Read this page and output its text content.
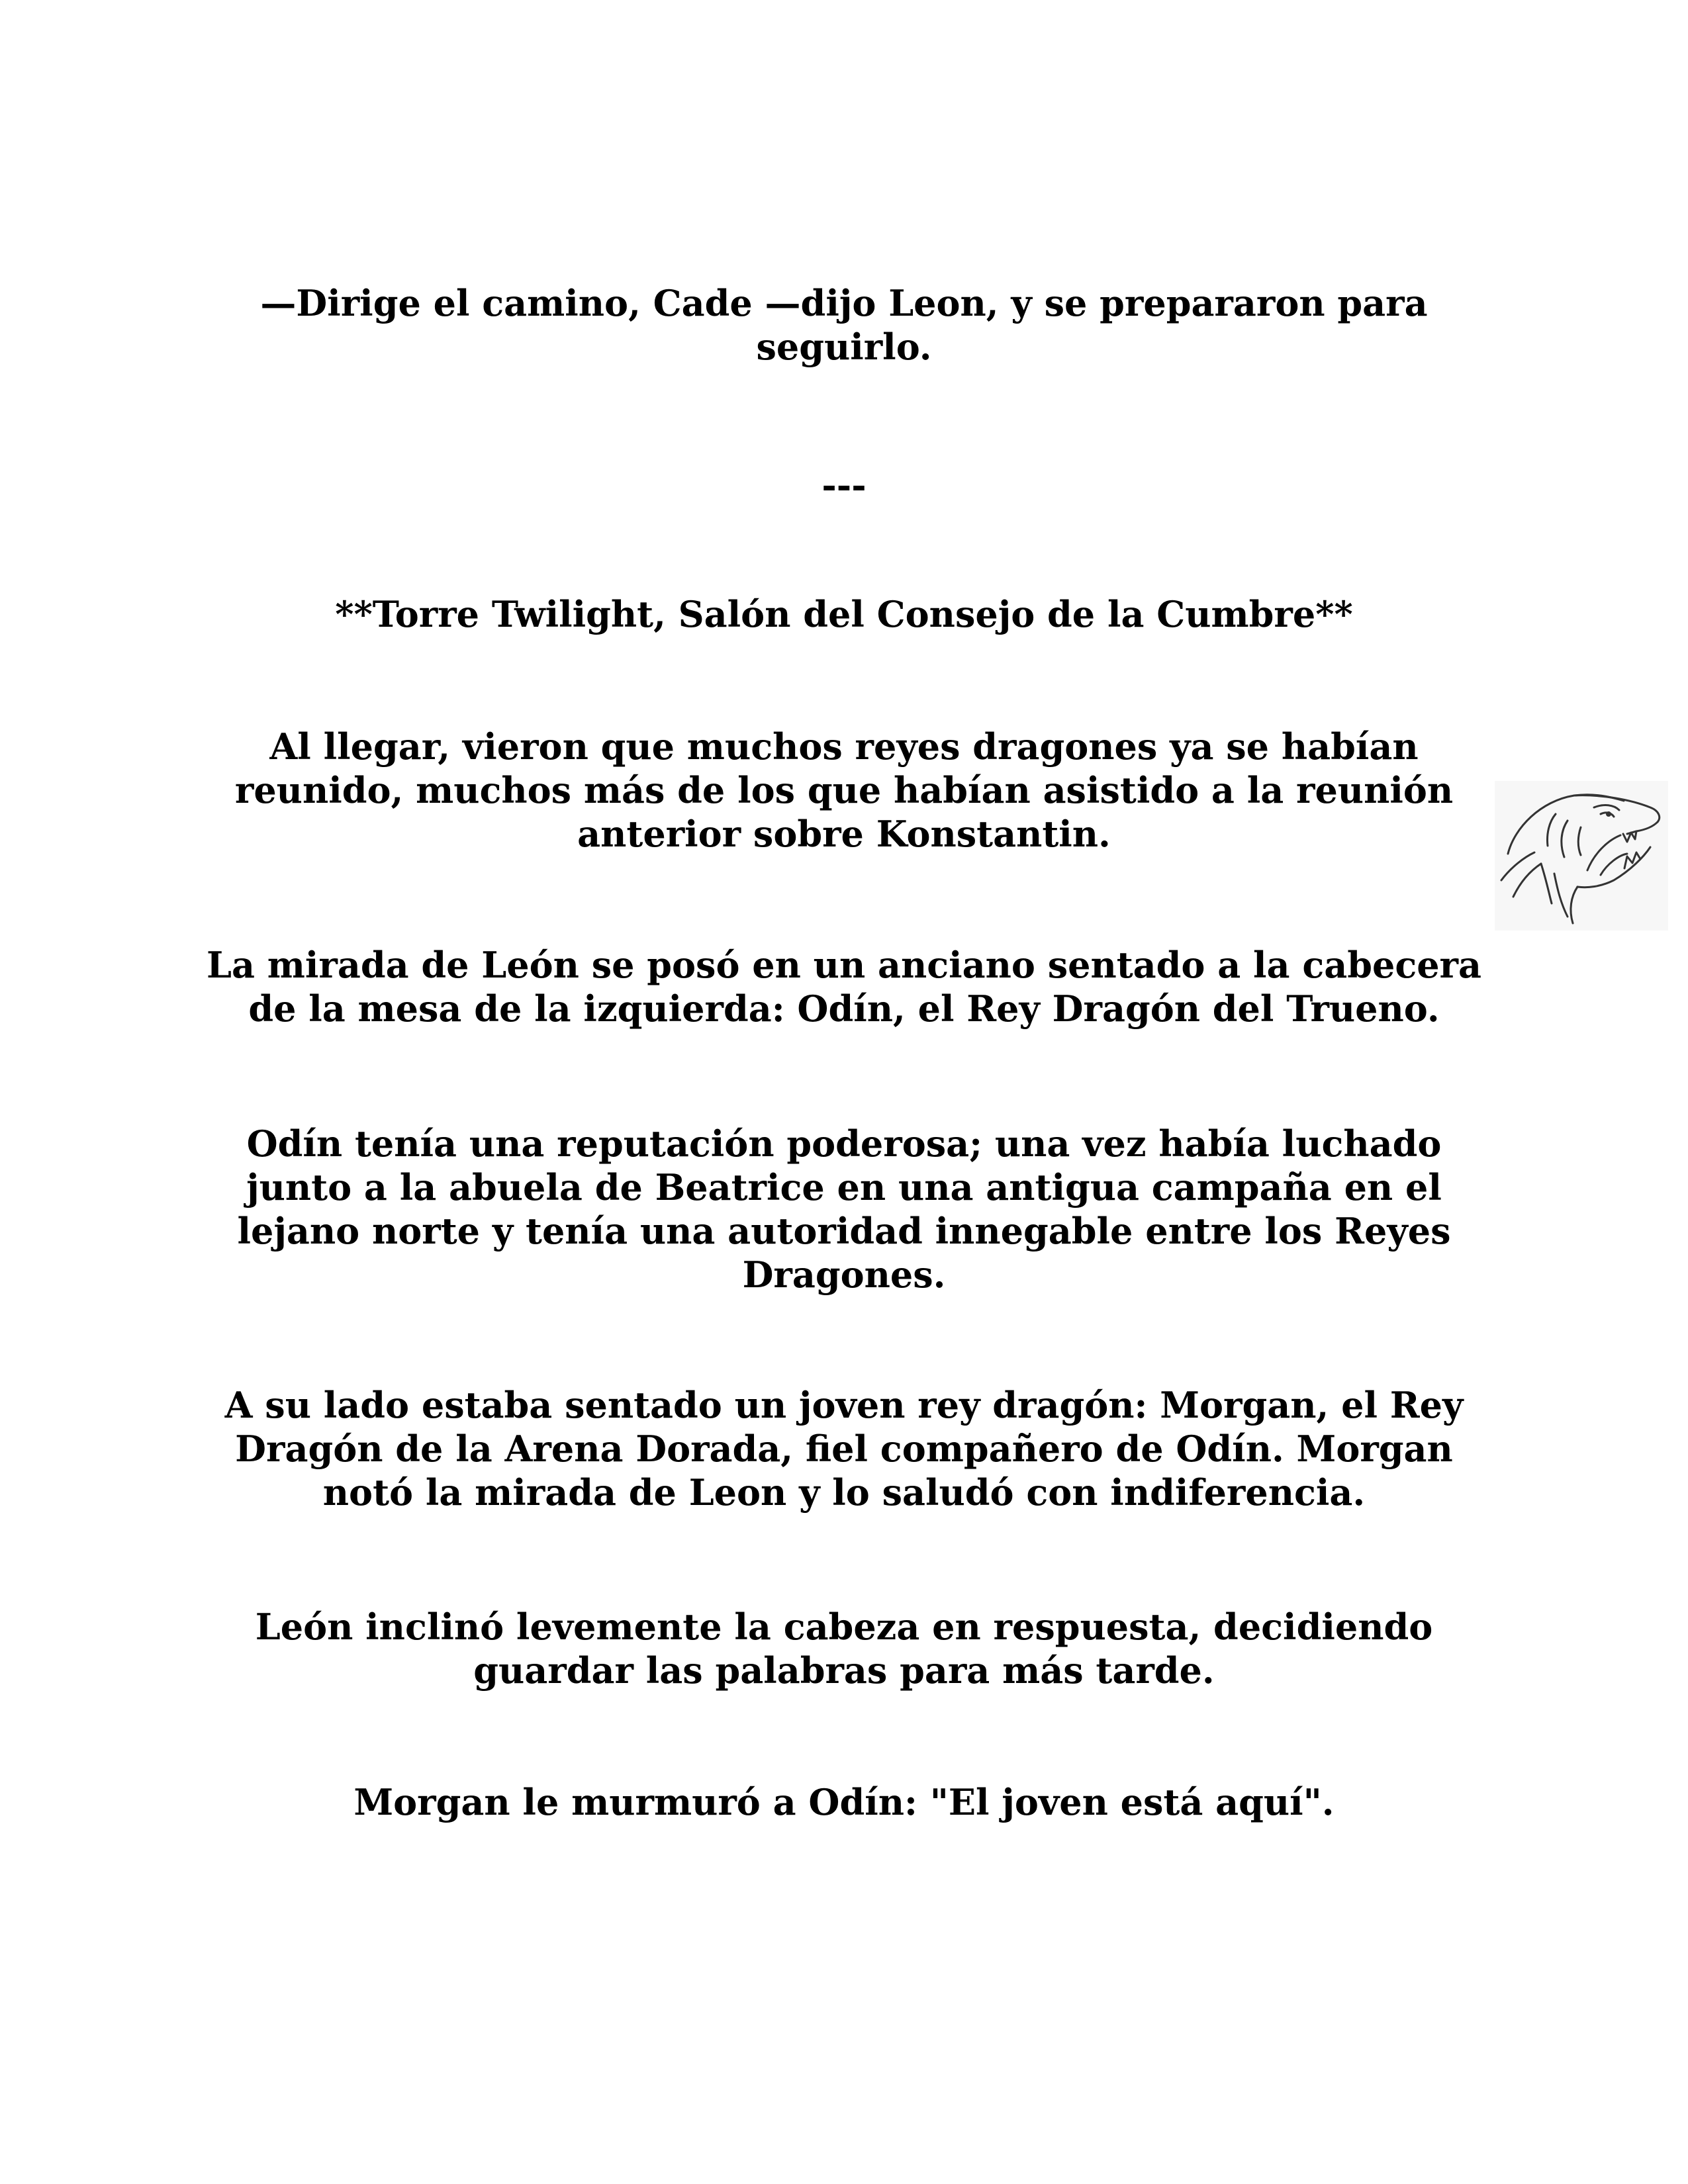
—Dirige el camino, Cade —dijo Leon, y se prepararon para
seguirlo.

---

**Torre Twilight, Salón del Consejo de la Cumbre**

Al llegar, vieron que muchos reyes dragones ya se habían
reunido, muchos más de los que habían asistido a la reunión
anterior sobre Konstantin.

La mirada de León se posó en un anciano sentado a la cabecera
de la mesa de la izquierda: Odín, el Rey Dragón del Trueno.

Odín tenía una reputación poderosa; una vez había luchado
junto a la abuela de Beatrice en una antigua campaña en el
lejano norte y tenía una autoridad innegable entre los Reyes
Dragones.

A su lado estaba sentado un joven rey dragón: Morgan, el Rey
Dragón de la Arena Dorada, fiel compañero de Odín. Morgan
notó la mirada de Leon y lo saludó con indiferencia.

León inclinó levemente la cabeza en respuesta, decidiendo
guardar las palabras para más tarde.

Morgan le murmuró a Odín: "El joven está aquí".
